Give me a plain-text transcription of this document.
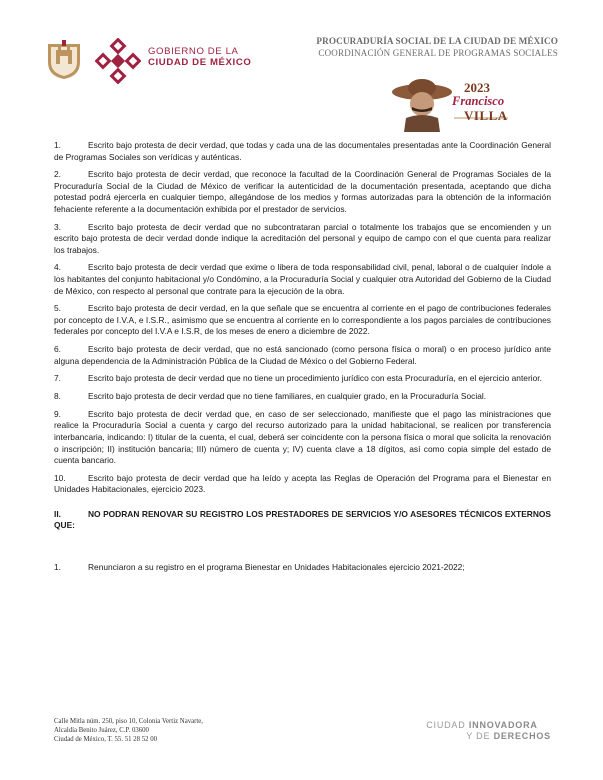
GOBIERNO DE LA
CIUDAD DE MÉXICO
PROCURADURÍA SOCIAL DE LA CIUDAD DE MÉXICO
COORDINACIÓN GENERAL DE PROGRAMAS SOCIALES
2023
Francisco
VILLA
1.	Escrito bajo protesta de decir verdad, que todas y cada una de las documentales presentadas ante la Coordinación General de Programas Sociales son verídicas y auténticas.
2.	Escrito bajo protesta de decir verdad, que reconoce la facultad de la Coordinación General de Programas Sociales de la Procuraduría Social de la Ciudad de México de verificar la autenticidad de la documentación presentada, aceptando que dicha potestad podrá ejercerla en cualquier tiempo, allegándose de los medios y formas autorizadas para la obtención de la información fehaciente referente a la documentación exhibida por el prestador de servicios.
3.	Escrito bajo protesta de decir verdad que no subcontrataran parcial o totalmente los trabajos que se encomienden y un escrito bajo protesta de decir verdad donde indique la acreditación del personal y equipo de campo con el que cuenta para realizar los trabajos.
4.	Escrito bajo protesta de decir verdad que exime o libera de toda responsabilidad civil, penal, laboral o de cualquier índole a los habitantes del conjunto habitacional y/o Condómino, a la Procuraduría Social y cualquier otra Autoridad del Gobierno de la Ciudad de México, con respecto al personal que contrate para la ejecución de la obra.
5.	Escrito bajo protesta de decir verdad, en la que señale que se encuentra al corriente en el pago de contribuciones federales por concepto de I.V.A, e I.S.R., asimismo que se encuentra al corriente en lo correspondiente a los pagos parciales de contribuciones federales por concepto del I.V.A e I.S.R, de los meses de enero a diciembre de 2022.
6.	Escrito bajo protesta de decir verdad, que no está sancionado (como persona física o moral) o en proceso jurídico ante alguna dependencia de la Administración Pública de la Ciudad de México o del Gobierno Federal.
7.	Escrito bajo protesta de decir verdad que no tiene un procedimiento jurídico con esta Procuraduría, en el ejercicio anterior.
8.	Escrito bajo protesta de decir verdad que no tiene familiares, en cualquier grado, en la Procuraduría Social.
9.	Escrito bajo protesta de decir verdad que, en caso de ser seleccionado, manifieste que el pago las ministraciones que realice la Procuraduría Social a cuenta y cargo del recurso autorizado para la unidad habitacional, se realicen por transferencia interbancaria, indicando: I) titular de la cuenta, el cual, deberá ser coincidente con la persona física o moral que solicita la renovación o inscripción; II) institución bancaria; III) número de cuenta y; IV) cuenta clave a 18 dígitos, así como copia simple del estado de cuenta bancario.
10.	Escrito bajo protesta de decir verdad que ha leído y acepta las Reglas de Operación del Programa para el Bienestar en Unidades Habitacionales, ejercicio 2023.
II.	NO PODRAN RENOVAR SU REGISTRO LOS PRESTADORES DE SERVICIOS Y/O ASESORES TÉCNICOS EXTERNOS QUE:
1.	Renunciaron a su registro en el programa Bienestar en Unidades Habitacionales ejercicio 2021-2022;
Calle Mitla núm. 250, piso 10, Colonia Vertiz Navarte,
Alcaldía Benito Juárez, C.P. 03600
Ciudad de México, T. 55. 51 28 52 00
CIUDAD INNOVADORA
Y DE DERECHOS
